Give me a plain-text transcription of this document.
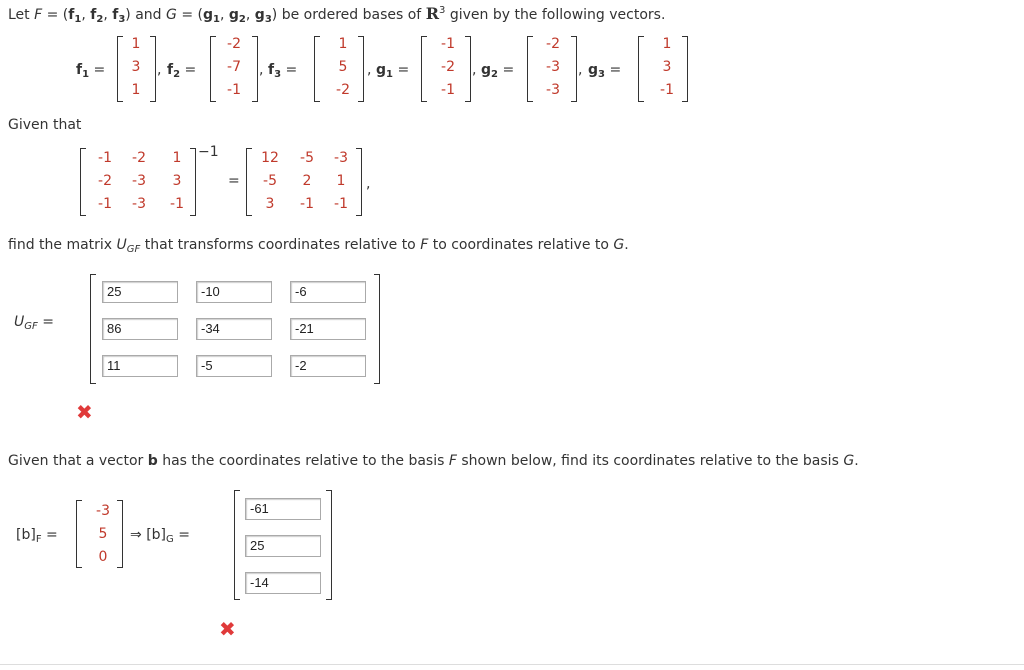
Let $F = (f_1$, $f_2$, $f_3$) and $G = (g_1$, $g_2$, $g_3$) be ordered bases of $R^3$ given by the following vectors.
$f_1$ =
1
3
1
, $f_2$ =
-2
-7
-1
, $f_3$ =
1
5
-2
, $g_1$ =
-1
-2
-1
, $g_2$ =
-2
-3
-3
, $g_3$ =
1
3
-1
Given that
-1	-2	1
-2	-3	3
-1	-3	-1
−1
=
12	-5	-3
-5	2	1
3	-1	-1
,
find the matrix $U_{GF}$ that transforms coordinates relative to F to coordinates relative to G.
$U_{GF}$ =
25	-10	-6
86	-34	-21
11	-5	-2
✖
Given that a vector b has the coordinates relative to the basis F shown below, find its coordinates relative to the basis G.
$[b]_F$ =
-3
5
0
⇒ $[b]_G$ =
-61
25
-14
✖
